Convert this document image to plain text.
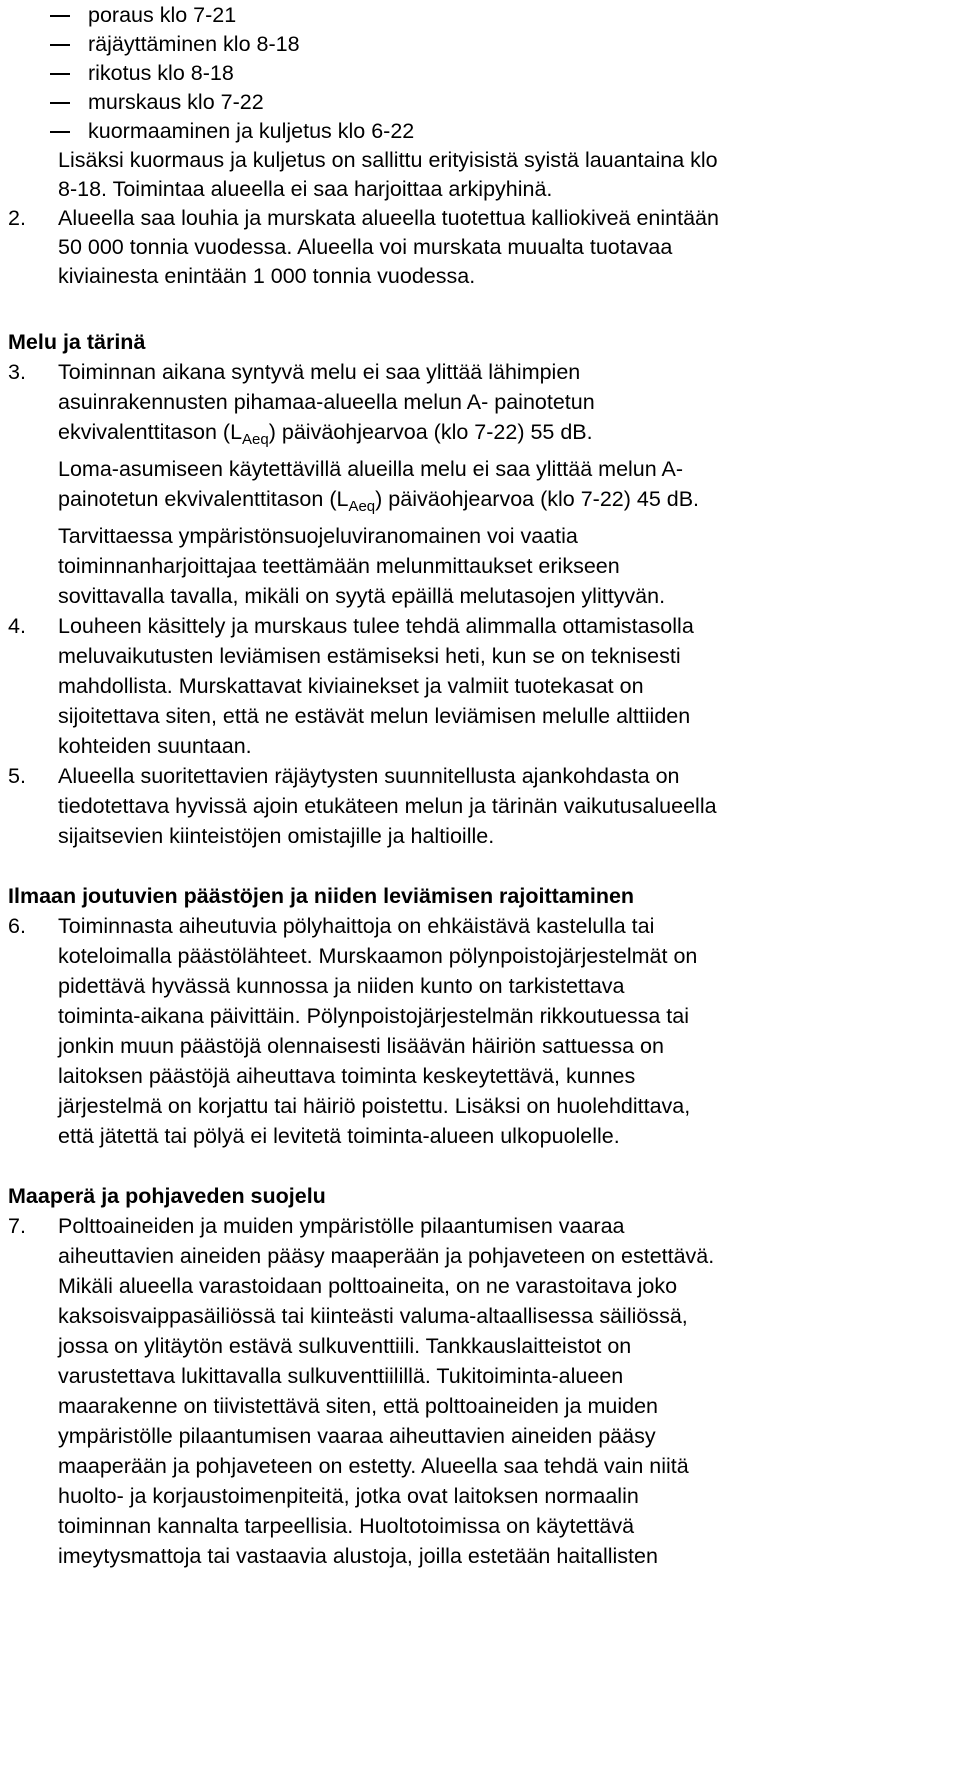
poraus klo 7-21
räjäyttäminen klo 8-18
rikotus klo 8-18
murskaus klo 7-22
kuormaaminen ja kuljetus klo 6-22
Lisäksi kuormaus ja kuljetus on sallittu erityisistä syistä lauantaina klo
8-18. Toimintaa alueella ei saa harjoittaa arkipyhinä.
2. Alueella saa louhia ja murskata alueella tuotettua kalliokiveä enintään
50 000 tonnia vuodessa. Alueella voi murskata muualta tuotavaa
kiviainesta enintään 1 000 tonnia vuodessa.
Melu ja tärinä
3. Toiminnan aikana syntyvä melu ei saa ylittää lähimpien
asuinrakennusten pihamaa-alueella melun A- painotetun
ekvivalenttitason $(L_{Aeq})$ päiväohjearvoa (klo 7-22) 55 dB.
Loma-asumiseen käytettävillä alueilla melu ei saa ylittää melun A-
painotetun ekvivalenttitason $(L_{Aeq})$ päiväohjearvoa (klo 7-22) 45 dB.
Tarvittaessa ympäristönsuojeluviranomainen voi vaatia
toiminnanharjoittajaa teettämään melunmittaukset erikseen
sovittavalla tavalla, mikäli on syytä epäillä melutasojen ylittyvän.
4. Louheen käsittely ja murskaus tulee tehdä alimmalla ottamistasolla
meluvaikutusten leviämisen estämiseksi heti, kun se on teknisesti
mahdollista. Murskattavat kiviainekset ja valmiit tuotekasat on
sijoitettava siten, että ne estävät melun leviämisen melulle alttiiden
kohteiden suuntaan.
5. Alueella suoritettavien räjäytysten suunnitellusta ajankohdasta on
tiedotettava hyvissä ajoin etukäteen melun ja tärinän vaikutusalueella
sijaitsevien kiinteistöjen omistajille ja haltioille.
Ilmaan joutuvien päästöjen ja niiden leviämisen rajoittaminen
6. Toiminnasta aiheutuvia pölyhaittoja on ehkäistävä kastelulla tai
koteloimalla päästölähteet. Murskaamon pölynpoistojärjestelmät on
pidettävä hyvässä kunnossa ja niiden kunto on tarkistettava
toiminta-aikana päivittäin. Pölynpoistojärjestelmän rikkoutuessa tai
jonkin muun päästöjä olennaisesti lisäävän häiriön sattuessa on
laitoksen päästöjä aiheuttava toiminta keskeytettävä, kunnes
järjestelmä on korjattu tai häiriö poistettu. Lisäksi on huolehdittava,
että jätettä tai pölyä ei levitetä toiminta-alueen ulkopuolelle.
Maaperä ja pohjaveden suojelu
7. Polttoaineiden ja muiden ympäristölle pilaantumisen vaaraa
aiheuttavien aineiden pääsy maaperään ja pohjaveteen on estettävä.
Mikäli alueella varastoidaan polttoaineita, on ne varastoitava joko
kaksoisvaippasäiliössä tai kiinteästi valuma-altaallisessa säiliössä,
jossa on ylitäytön estävä sulkuventtiili. Tankkauslaitteistot on
varustettava lukittavalla sulkuventtiilillä. Tukitoiminta-alueen
maarakenne on tiivistettävä siten, että polttoaineiden ja muiden
ympäristölle pilaantumisen vaaraa aiheuttavien aineiden pääsy
maaperään ja pohjaveteen on estetty. Alueella saa tehdä vain niitä
huolto- ja korjaustoimenpiteitä, jotka ovat laitoksen normaalin
toiminnan kannalta tarpeellisia. Huoltotoimissa on käytettävä
imeytysmattoja tai vastaavia alustoja, joilla estetään haitallisten
